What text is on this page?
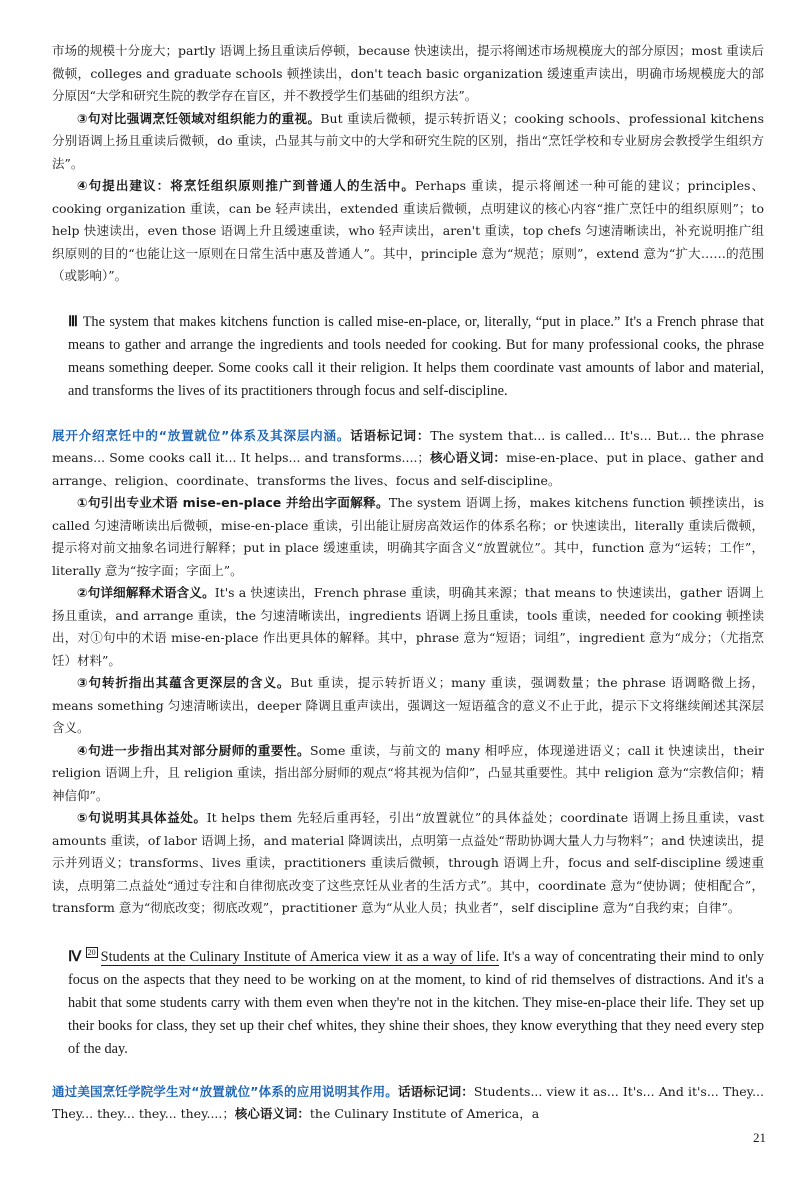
市场的规模十分庞大；partly 语调上扬且重读后停顿，because 快速读出，提示将阐述市场规模庞大的部分原因；most 重读后微顿，colleges and graduate schools 顿挫读出，don't teach basic organization 缓速重声读出，明确市场规模庞大的部分原因“大学和研究生院的教学存在盲区，并不教授学生们基础的组织方法”。

③句对比强调烹饪领域对组织能力的重视。But 重读后微顿，提示转折语义；cooking schools、professional kitchens 分别语调上扬且重读后微顿，do 重读，凸显其与前文中的大学和研究生院的区别，指出“烹饪学校和专业厨房会教授学生组织方法”。

④句提出建议：将烹饪组织原则推广到普通人的生活中。Perhaps 重读，提示将阐述一种可能的建议；principles、cooking organization 重读，can be 轻声读出，extended 重读后微顿，点明建议的核心内容“推广烹饪中的组织原则”；to help 快速读出，even those 语调上升且缓速重读，who 轻声读出，aren't 重读，top chefs 匀速清晰读出，补充说明推广组织原则的目的“也能让这一原则在日常生活中惠及普通人”。其中，principle 意为“规范；原则”，extend 意为“扩大……的范围（或影响）”。

Ⅲ The system that makes kitchens function is called mise-en-place, or, literally, “put in place.” It's a French phrase that means to gather and arrange the ingredients and tools needed for cooking. But for many professional cooks, the phrase means something deeper. Some cooks call it their religion. It helps them coordinate vast amounts of labor and material, and transforms the lives of its practitioners through focus and self-discipline.

展开介绍烹饪中的“放置就位”体系及其深层内涵。话语标记词：The system that... is called... It's... But... the phrase means... Some cooks call it... It helps... and transforms....；核心语义词：mise-en-place、put in place、gather and arrange、religion、coordinate、transforms the lives、focus and self-discipline。

①句引出专业术语 mise-en-place 并给出字面解释。The system 语调上扬，makes kitchens function 顿挫读出，is called 匀速清晰读出后微顿，mise-en-place 重读，引出能让厨房高效运作的体系名称；or 快速读出，literally 重读后微顿，提示将对前文抽象名词进行解释；put in place 缓速重读，明确其字面含义“放置就位”。其中，function 意为“运转；工作”，literally 意为“按字面；字面上”。

②句详细解释术语含义。It's a 快速读出，French phrase 重读，明确其来源；that means to 快速读出，gather 语调上扬且重读，and arrange 重读，the 匀速清晰读出，ingredients 语调上扬且重读，tools 重读，needed for cooking 顿挫读出，对①句中的术语 mise-en-place 作出更具体的解释。其中，phrase 意为“短语；词组”，ingredient 意为“成分；（尤指烹饪）材料”。

③句转折指出其蕴含更深层的含义。But 重读，提示转折语义；many 重读，强调数量；the phrase 语调略微上扬，means something 匀速清晰读出，deeper 降调且重声读出，强调这一短语蕴含的意义不止于此，提示下文将继续阐述其深层含义。

④句进一步指出其对部分厨师的重要性。Some 重读，与前文的 many 相呼应，体现递进语义；call it 快速读出，their religion 语调上升，且 religion 重读，指出部分厨师的观点“将其视为信仰”，凸显其重要性。其中 religion 意为“宗教信仰；精神信仰”。

⑤句说明其具体益处。It helps them 先轻后重再轻，引出“放置就位”的具体益处；coordinate 语调上扬且重读，vast amounts 重读，of labor 语调上扬，and material 降调读出，点明第一点益处“帮助协调大量人力与物料”；and 快速读出，提示并列语义；transforms、lives 重读，practitioners 重读后微顿，through 语调上升，focus and self-discipline 缓速重读，点明第二点益处“通过专注和自律彻底改变了这些烹饪从业者的生活方式”。其中，coordinate 意为“使协调；使相配合”，transform 意为“彻底改变；彻底改观”，practitioner 意为“从业人员；执业者”，self discipline 意为“自我约束；自律”。

Ⅳ 20 Students at the Culinary Institute of America view it as a way of life. It's a way of concentrating their mind to only focus on the aspects that they need to be working on at the moment, to kind of rid themselves of distractions. And it's a habit that some students carry with them even when they're not in the kitchen. They mise-en-place their life. They set up their books for class, they set up their chef whites, they shine their shoes, they know everything that they need every step of the day.

通过美国烹饪学院学生对“放置就位”体系的应用说明其作用。话语标记词：Students... view it as... It's... And it's... They... They... they... they... they....；核心语义词：the Culinary Institute of America，a

21
